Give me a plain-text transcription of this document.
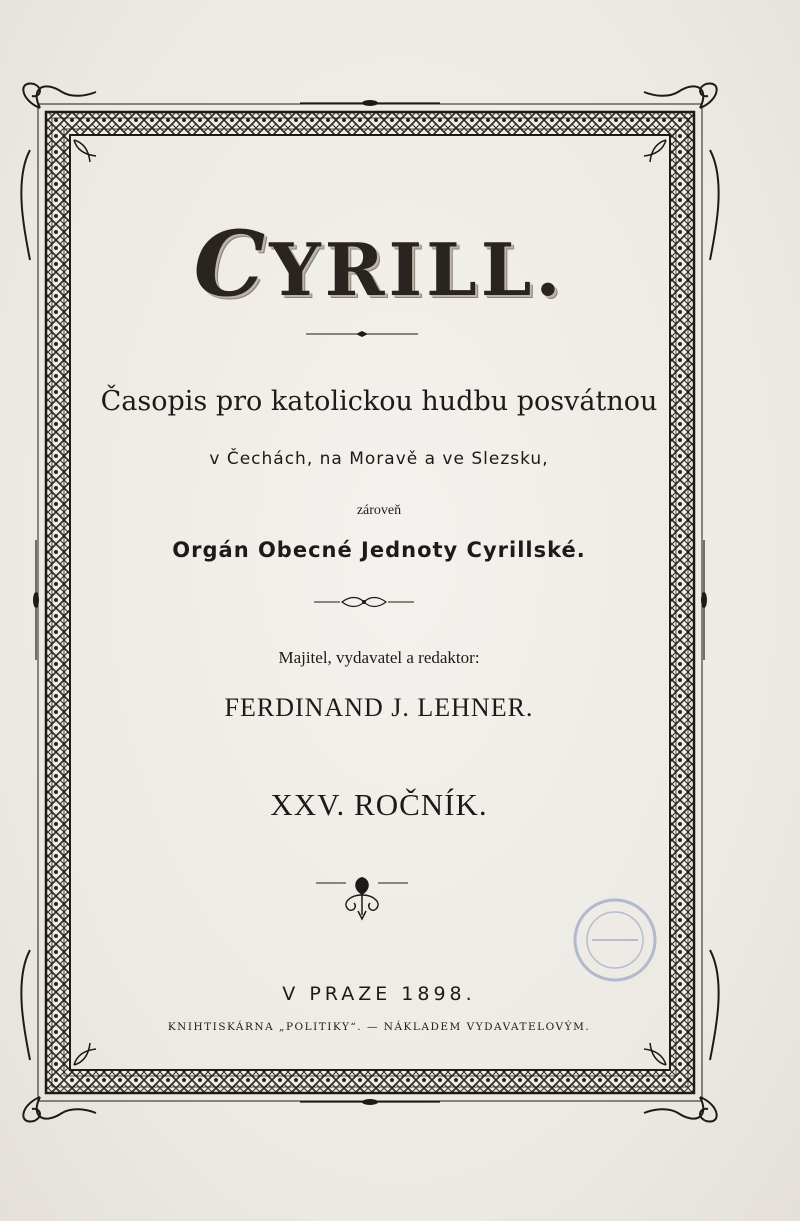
CYRILL.
Časopis pro katolickou hudbu posvátnou
v Čechách, na Moravě a ve Slezsku,
zároveň
Orgán Obecné Jednoty Cyrillské.
Majitel, vydavatel a redaktor:
FERDINAND J. LEHNER.
XXV. ROČNÍK.
V PRAZE 1898.
KNIHTISKÁRNA „POLITIKY“. — NÁKLADEM VYDAVATELOVÝM.
